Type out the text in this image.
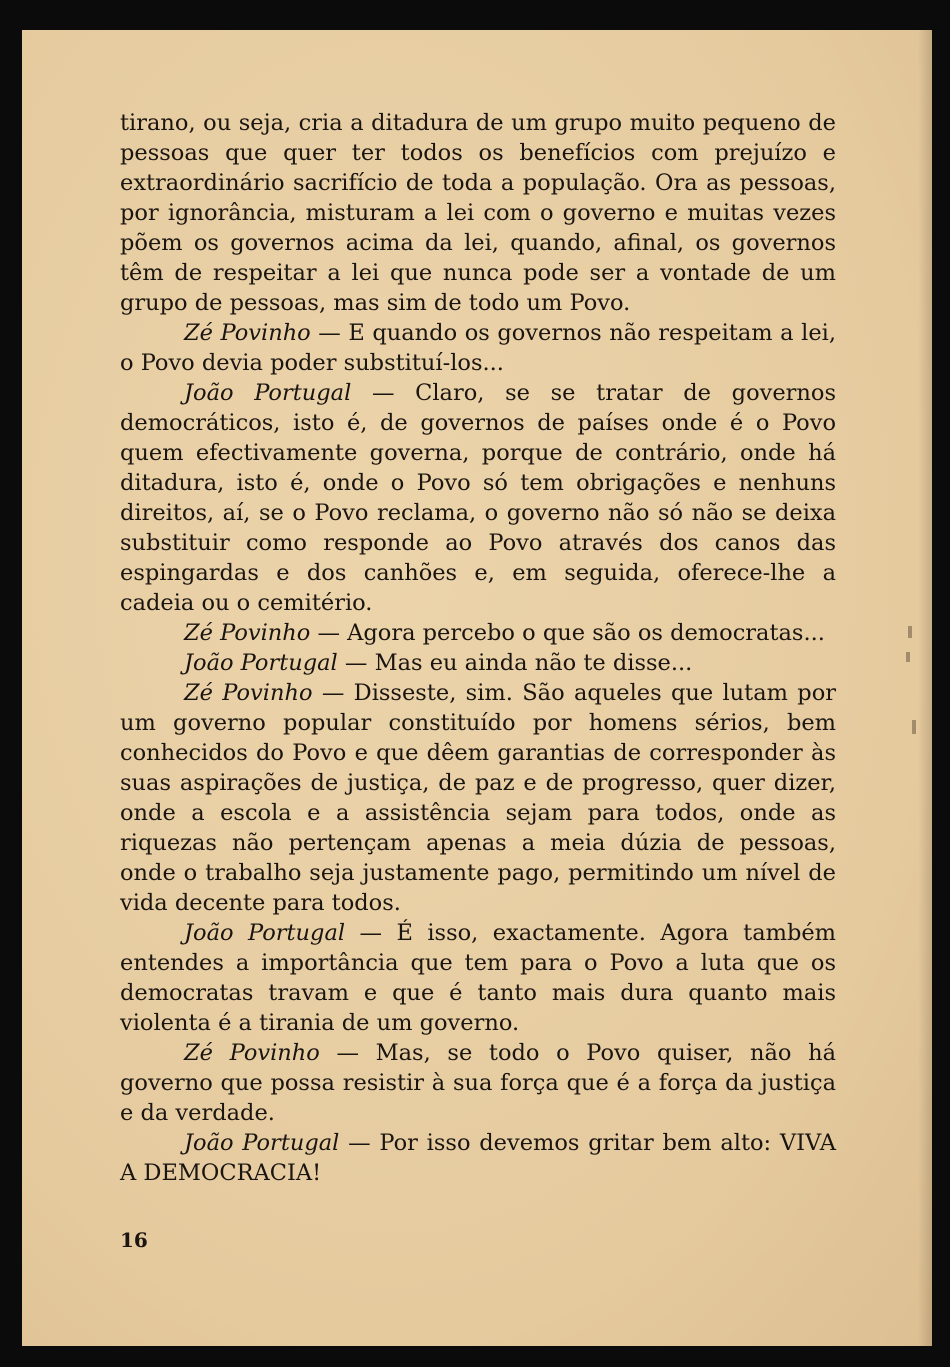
tirano, ou seja, cria a ditadura de um grupo muito pequeno de pessoas que quer ter todos os benefícios com prejuízo e extraordinário sacrifício de toda a população. Ora as pessoas, por ignorância, misturam a lei com o governo e muitas vezes põem os governos acima da lei, quando, afinal, os governos têm de respeitar a lei que nunca pode ser a vontade de um grupo de pessoas, mas sim de todo um Povo.

Zé Povinho — E quando os governos não respeitam a lei, o Povo devia poder substituí-los...

João Portugal — Claro, se se tratar de governos democráticos, isto é, de governos de países onde é o Povo quem efectivamente governa, porque de contrário, onde há ditadura, isto é, onde o Povo só tem obrigações e nenhuns direitos, aí, se o Povo reclama, o governo não só não se deixa substituir como responde ao Povo através dos canos das espingardas e dos canhões e, em seguida, oferece-lhe a cadeia ou o cemitério.

Zé Povinho — Agora percebo o que são os democratas...

João Portugal — Mas eu ainda não te disse...

Zé Povinho — Disseste, sim. São aqueles que lutam por um governo popular constituído por homens sérios, bem conhecidos do Povo e que dêem garantias de corresponder às suas aspirações de justiça, de paz e de progresso, quer dizer, onde a escola e a assistência sejam para todos, onde as riquezas não pertençam apenas a meia dúzia de pessoas, onde o trabalho seja justamente pago, permitindo um nível de vida decente para todos.

João Portugal — É isso, exactamente. Agora também entendes a importância que tem para o Povo a luta que os democratas travam e que é tanto mais dura quanto mais violenta é a tirania de um governo.

Zé Povinho — Mas, se todo o Povo quiser, não há governo que possa resistir à sua força que é a força da justiça e da verdade.

João Portugal — Por isso devemos gritar bem alto: VIVA A DEMOCRACIA!

16
